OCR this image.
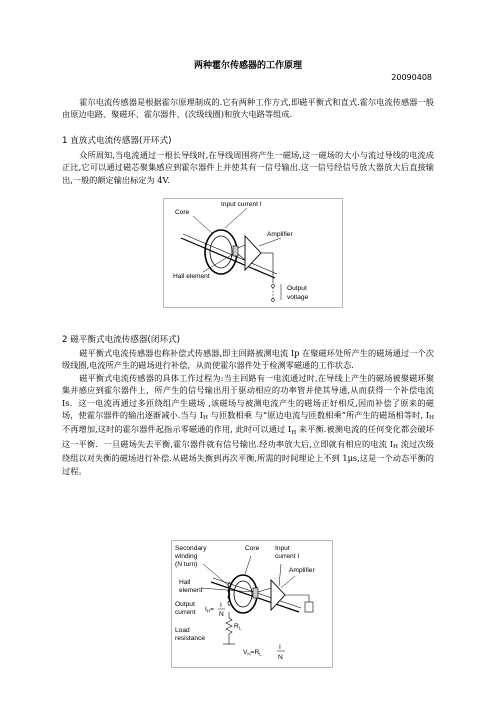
两种霍尔传感器的工作原理
20090408

霍尔电流传感器是根据霍尔原理制成的.它有两种工作方式,即磁平衡式和直式.霍尔电流传感器一般由原边电路、聚磁环、霍尔器件、(次级线圈)和放大电路等组成.

1 直放式电流传感器(开环式)

众所周知,当电流通过一根长导线时,在导线周围将产生一磁场,这一磁场的大小与流过导线的电流成正比,它可以通过磁芯聚集感应到霍尔器件上并使其有一信号输出.这一信号经信号放大器放大后直接输出,一般的额定输出标定为 4V.

Core
Input current I
Amplifier
Hall element
Output
voltage
2 磁平衡式电流传感器(闭环式)

磁平衡式电流传感器也称补偿式传感器,即主回路被测电流 Ip 在聚磁环处所产生的磁场通过一个次级线圈,电流所产生的磁场进行补偿，从而使霍尔器件处于检测零磁通的工作状态.

磁平衡式电流传感器的具体工作过程为:当主回路有一电流通过时,在导线上产生的磁场被聚磁环聚集并感应到霍尔器件上，所产生的信号输出用于驱动相应的功率管并使其导通,从而获得一个补偿电流 Is．这一电流再通过多匝绕组产生磁场 ,该磁场与被测电流产生的磁场正好相反,因而补偿了原来的磁场，使霍尔器件的输出逐渐减小.当与 $I_H$ 与匝数相乘 与“原边电流与匝数相乘”所产生的磁场相等时, $I_H$ 不再增加,这时的霍尔器件起指示零磁通的作用, 此时可以通过 $I_H$ 来平衡.被测电流的任何变化都会破坏这一平衡．一旦磁场失去平衡,霍尔器件就有信号输出.经功率放大后,立即就有相应的电流 $I_H$ 流过次级绕组以对失衡的磁场进行补偿.从磁场失衡到再次平衡,所需的时间理论上不到 1μs,这是一个动态平衡的过程。

Secondary
winding
(N turn)
Core Input
current I
Amplifier
Hall
element
Output
current $I_H=$
I
N
Load
resistance
$R_L$
$V_H=R_L$
I
N
